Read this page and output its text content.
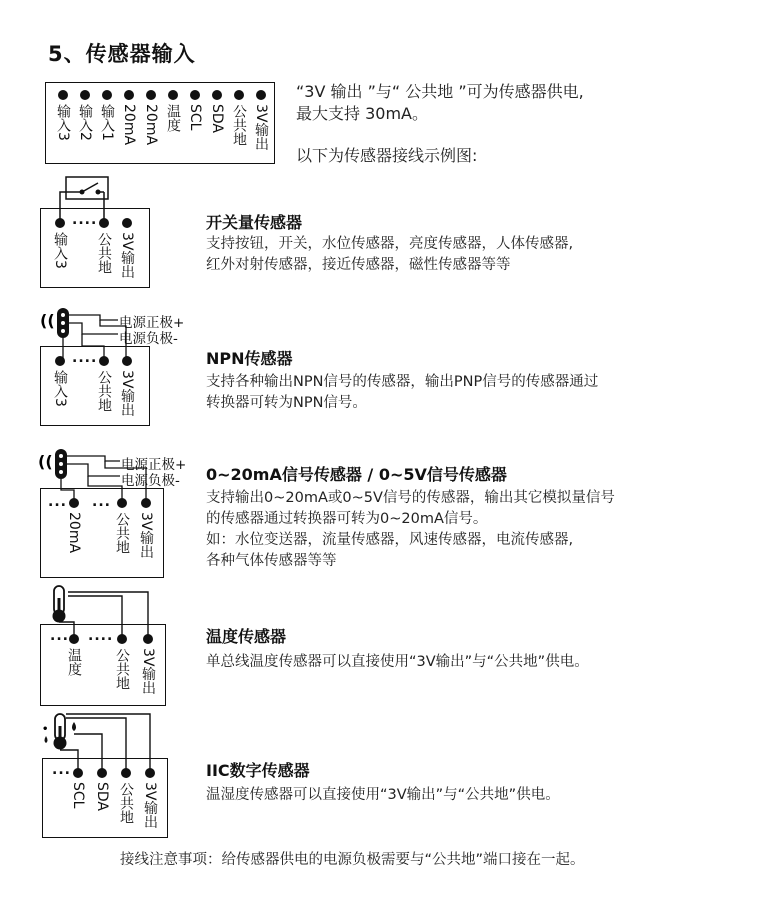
5、传感器输入
输入3 输入2 输入1 20mA 20mA 温度 SCL SDA 公共地 3V输出
“3V 输出 ”与“ 公共地 ”可为传感器供电,
最大支持 30mA。
以下为传感器接线示例图:
....
输入3 公共地 3V输出
开关量传感器
支持按钮，开关，水位传感器，亮度传感器，人体传感器,
红外对射传感器，接近传感器，磁性传感器等等
((	电源正极+
电源负极-
....
输入3 公共地 3V输出
NPN传感器
支持各种输出NPN信号的传感器，输出PNP信号的传感器通过
转换器可转为NPN信号。
((	电源正极+
电源负极-
... ...
20mA 公共地 3V输出
0~20mA信号传感器 / 0~5V信号传感器
支持输出0~20mA或0~5V信号的传感器，输出其它模拟量信号
的传感器通过转换器可转为0~20mA信号。
如：水位变送器，流量传感器，风速传感器，电流传感器,
各种气体传感器等等
... ....
温度 公共地 3V输出
温度传感器
单总线温度传感器可以直接使用“3V输出”与“公共地”供电。
•
...
SCL SDA 公共地 3V输出
IIC数字传感器
温湿度传感器可以直接使用“3V输出”与“公共地”供电。
接线注意事项：给传感器供电的电源负极需要与“公共地”端口接在一起。
